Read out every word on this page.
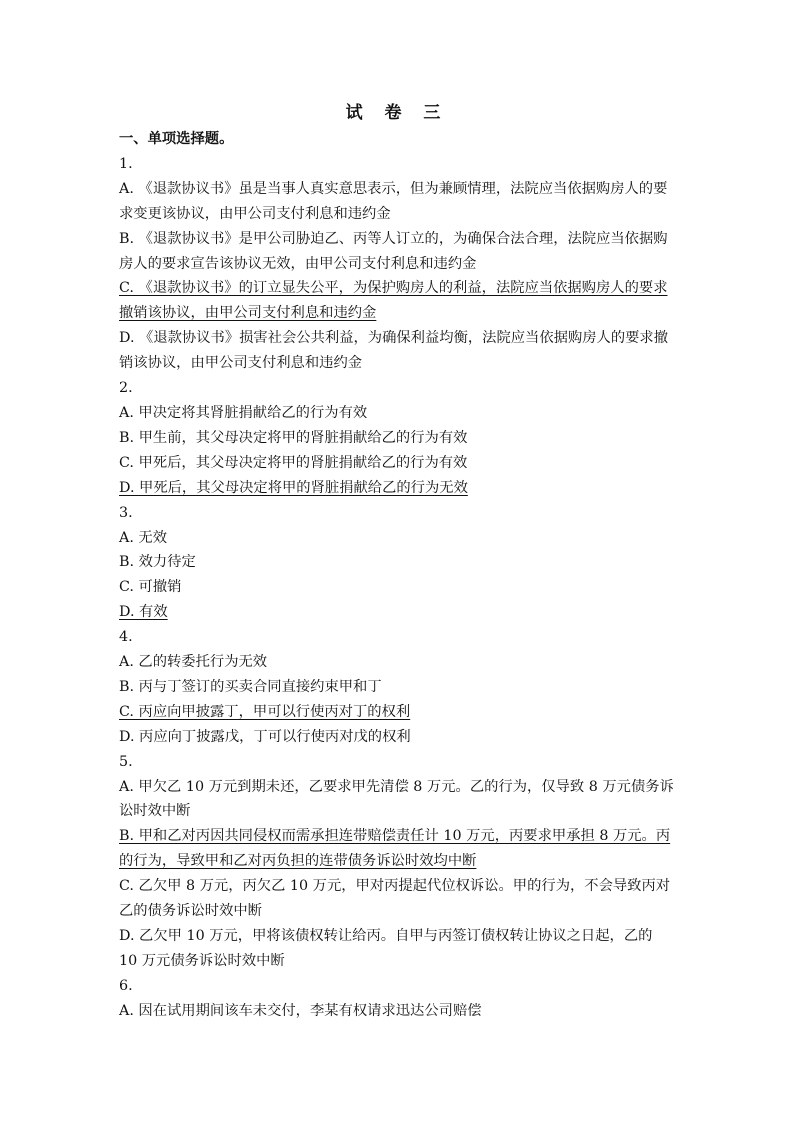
试 卷 三

一、单项选择题。

1.

A. 《退款协议书》虽是当事人真实意思表示，但为兼顾情理，法院应当依据购房人的要求变更该协议，由甲公司支付利息和违约金

B. 《退款协议书》是甲公司胁迫乙、丙等人订立的，为确保合法合理，法院应当依据购房人的要求宣告该协议无效，由甲公司支付利息和违约金

C. 《退款协议书》的订立显失公平，为保护购房人的利益，法院应当依据购房人的要求撤销该协议，由甲公司支付利息和违约金

D. 《退款协议书》损害社会公共利益，为确保利益均衡，法院应当依据购房人的要求撤销该协议，由甲公司支付利息和违约金

2.

A. 甲决定将其肾脏捐献给乙的行为有效

B. 甲生前，其父母决定将甲的肾脏捐献给乙的行为有效

C. 甲死后，其父母决定将甲的肾脏捐献给乙的行为有效

D. 甲死后，其父母决定将甲的肾脏捐献给乙的行为无效

3.

A. 无效

B. 效力待定

C. 可撤销

D. 有效

4.

A. 乙的转委托行为无效

B. 丙与丁签订的买卖合同直接约束甲和丁

C. 丙应向甲披露丁，甲可以行使丙对丁的权利

D. 丙应向丁披露戊，丁可以行使丙对戊的权利

5.

A. 甲欠乙 10 万元到期未还，乙要求甲先清偿 8 万元。乙的行为，仅导致 8 万元债务诉讼时效中断

B. 甲和乙对丙因共同侵权而需承担连带赔偿责任计 10 万元，丙要求甲承担 8 万元。丙的行为，导致甲和乙对丙负担的连带债务诉讼时效均中断

C. 乙欠甲 8 万元，丙欠乙 10 万元，甲对丙提起代位权诉讼。甲的行为，不会导致丙对乙的债务诉讼时效中断

D. 乙欠甲 10 万元，甲将该债权转让给丙。自甲与丙签订债权转让协议之日起，乙的 10 万元债务诉讼时效中断

6.

A. 因在试用期间该车未交付，李某有权请求迅达公司赔偿
